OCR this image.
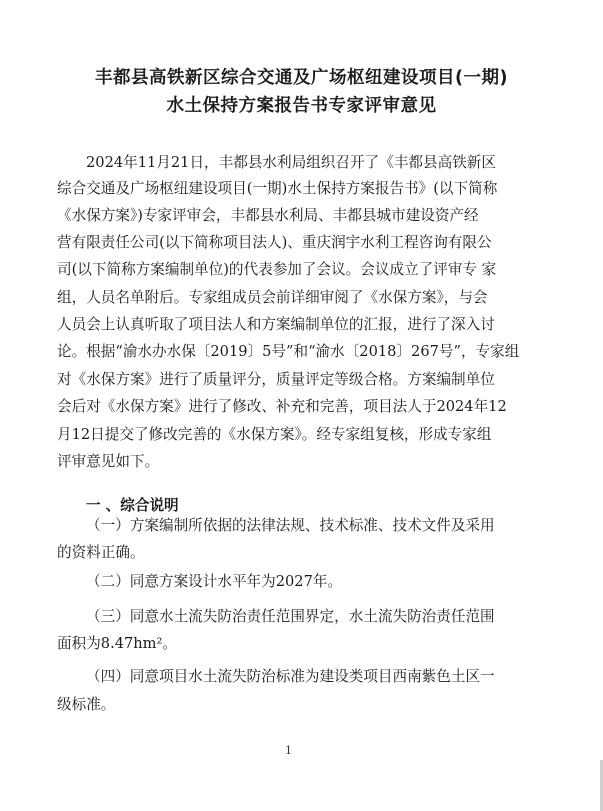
丰都县高铁新区综合交通及广场枢纽建设项目(一期)
水土保持方案报告书专家评审意见
2024年11月21日，丰都县水利局组织召开了《丰都县高铁新区
综合交通及广场枢纽建设项目(一期)水土保持方案报告书》(以下简称
《水保方案》)专家评审会，丰都县水利局、丰都县城市建设资产经
营有限责任公司(以下简称项目法人)、重庆润宇水利工程咨询有限公
司(以下简称方案编制单位)的代表参加了会议。会议成立了评审专 家
组，人员名单附后。专家组成员会前详细审阅了《水保方案》，与会
人员会上认真听取了项目法人和方案编制单位的汇报，进行了深入讨
论。根据“渝水办水保〔2019〕5号”和“渝水〔2018〕267号”，专家组
对《水保方案》进行了质量评分，质量评定等级合格。方案编制单位
会后对《水保方案》进行了修改、补充和完善，项目法人于2024年12
月12日提交了修改完善的《水保方案》。经专家组复核，形成专家组
评审意见如下。
一 、综合说明
（一）方案编制所依据的法律法规、技术标准、技术文件及采用
的资料正确。
（二）同意方案设计水平年为2027年。
（三）同意水土流失防治责任范围界定，水土流失防治责任范围
面积为8.47hm²。
（四）同意项目水土流失防治标准为建设类项目西南紫色土区一
级标准。
1
